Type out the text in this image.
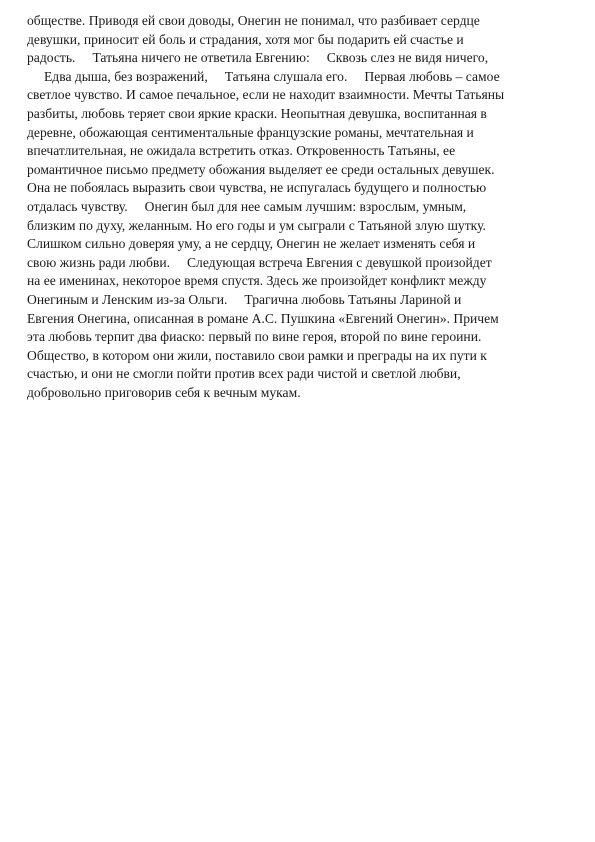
обществе. Приводя ей свои доводы, Онегин не понимал, что разбивает сердце
девушки, приносит ей боль и страдания, хотя мог бы подарить ей счастье и
радость.     Татьяна ничего не ответила Евгению:     Сквозь слез не видя ничего,
Едва дыша, без возражений,     Татьяна слушала его.     Первая любовь – самое
светлое чувство. И самое печальное, если не находит взаимности. Мечты Татьяны
разбиты, любовь теряет свои яркие краски. Неопытная девушка, воспитанная в
деревне, обожающая сентиментальные французские романы, мечтательная и
впечатлительная, не ожидала встретить отказ. Откровенность Татьяны, ее
романтичное письмо предмету обожания выделяет ее среди остальных девушек.
Она не побоялась выразить свои чувства, не испугалась будущего и полностью
отдалась чувству.     Онегин был для нее самым лучшим: взрослым, умным,
близким по духу, желанным. Но его годы и ум сыграли с Татьяной злую шутку.
Слишком сильно доверяя уму, а не сердцу, Онегин не желает изменять себя и
свою жизнь ради любви.     Следующая встреча Евгения с девушкой произойдет
на ее именинах, некоторое время спустя. Здесь же произойдет конфликт между
Онегиным и Ленским из-за Ольги.     Трагична любовь Татьяны Лариной и
Евгения Онегина, описанная в романе А.С. Пушкина «Евгений Онегин». Причем
эта любовь терпит два фиаско: первый по вине героя, второй по вине героини.
Общество, в котором они жили, поставило свои рамки и преграды на их пути к
счастью, и они не смогли пойти против всех ради чистой и светлой любви,
добровольно приговорив себя к вечным мукам.
